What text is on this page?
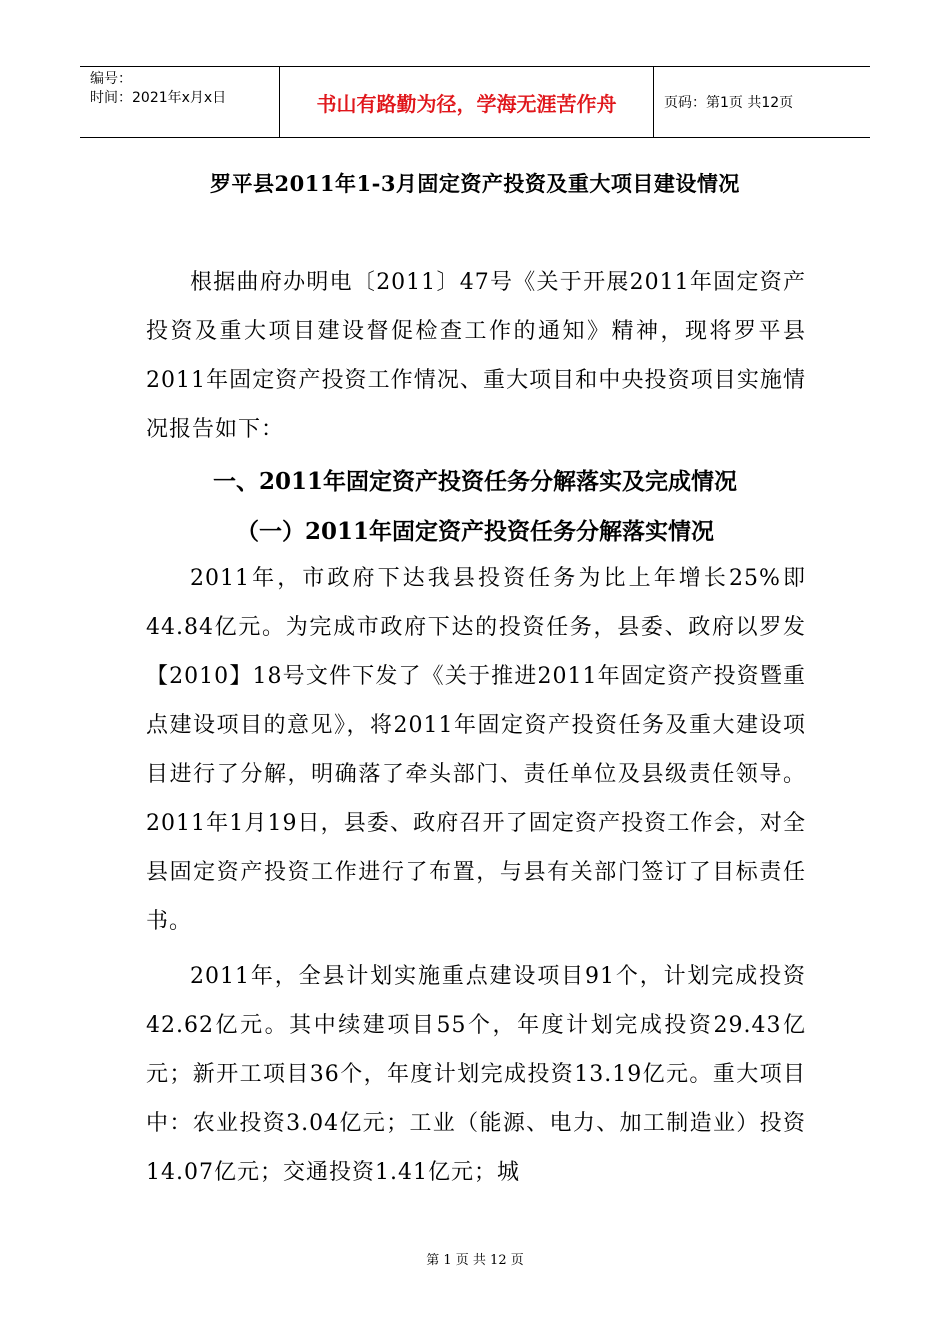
编号：
时间：2021年x月x日	书山有路勤为径，学海无涯苦作舟	页码：第1页 共12页
罗平县2011年1-3月固定资产投资及重大项目建设情况

根据曲府办明电〔2011〕47号《关于开展2011年固定资产投资及重大项目建设督促检查工作的通知》精神，现将罗平县2011年固定资产投资工作情况、重大项目和中央投资项目实施情况报告如下：

一、2011年固定资产投资任务分解落实及完成情况
（一）2011年固定资产投资任务分解落实情况

2011年，市政府下达我县投资任务为比上年增长25%即44.84亿元。为完成市政府下达的投资任务，县委、政府以罗发【2010】18号文件下发了《关于推进2011年固定资产投资暨重点建设项目的意见》，将2011年固定资产投资任务及重大建设项目进行了分解，明确落了牵头部门、责任单位及县级责任领导。2011年1月19日，县委、政府召开了固定资产投资工作会，对全县固定资产投资工作进行了布置，与县有关部门签订了目标责任书。

2011年，全县计划实施重点建设项目91个，计划完成投资42.62亿元。其中续建项目55个，年度计划完成投资29.43亿元；新开工项目36个，年度计划完成投资13.19亿元。重大项目中：农业投资3.04亿元；工业（能源、电力、加工制造业）投资14.07亿元；交通投资1.41亿元；城

第 1 页 共 12 页
